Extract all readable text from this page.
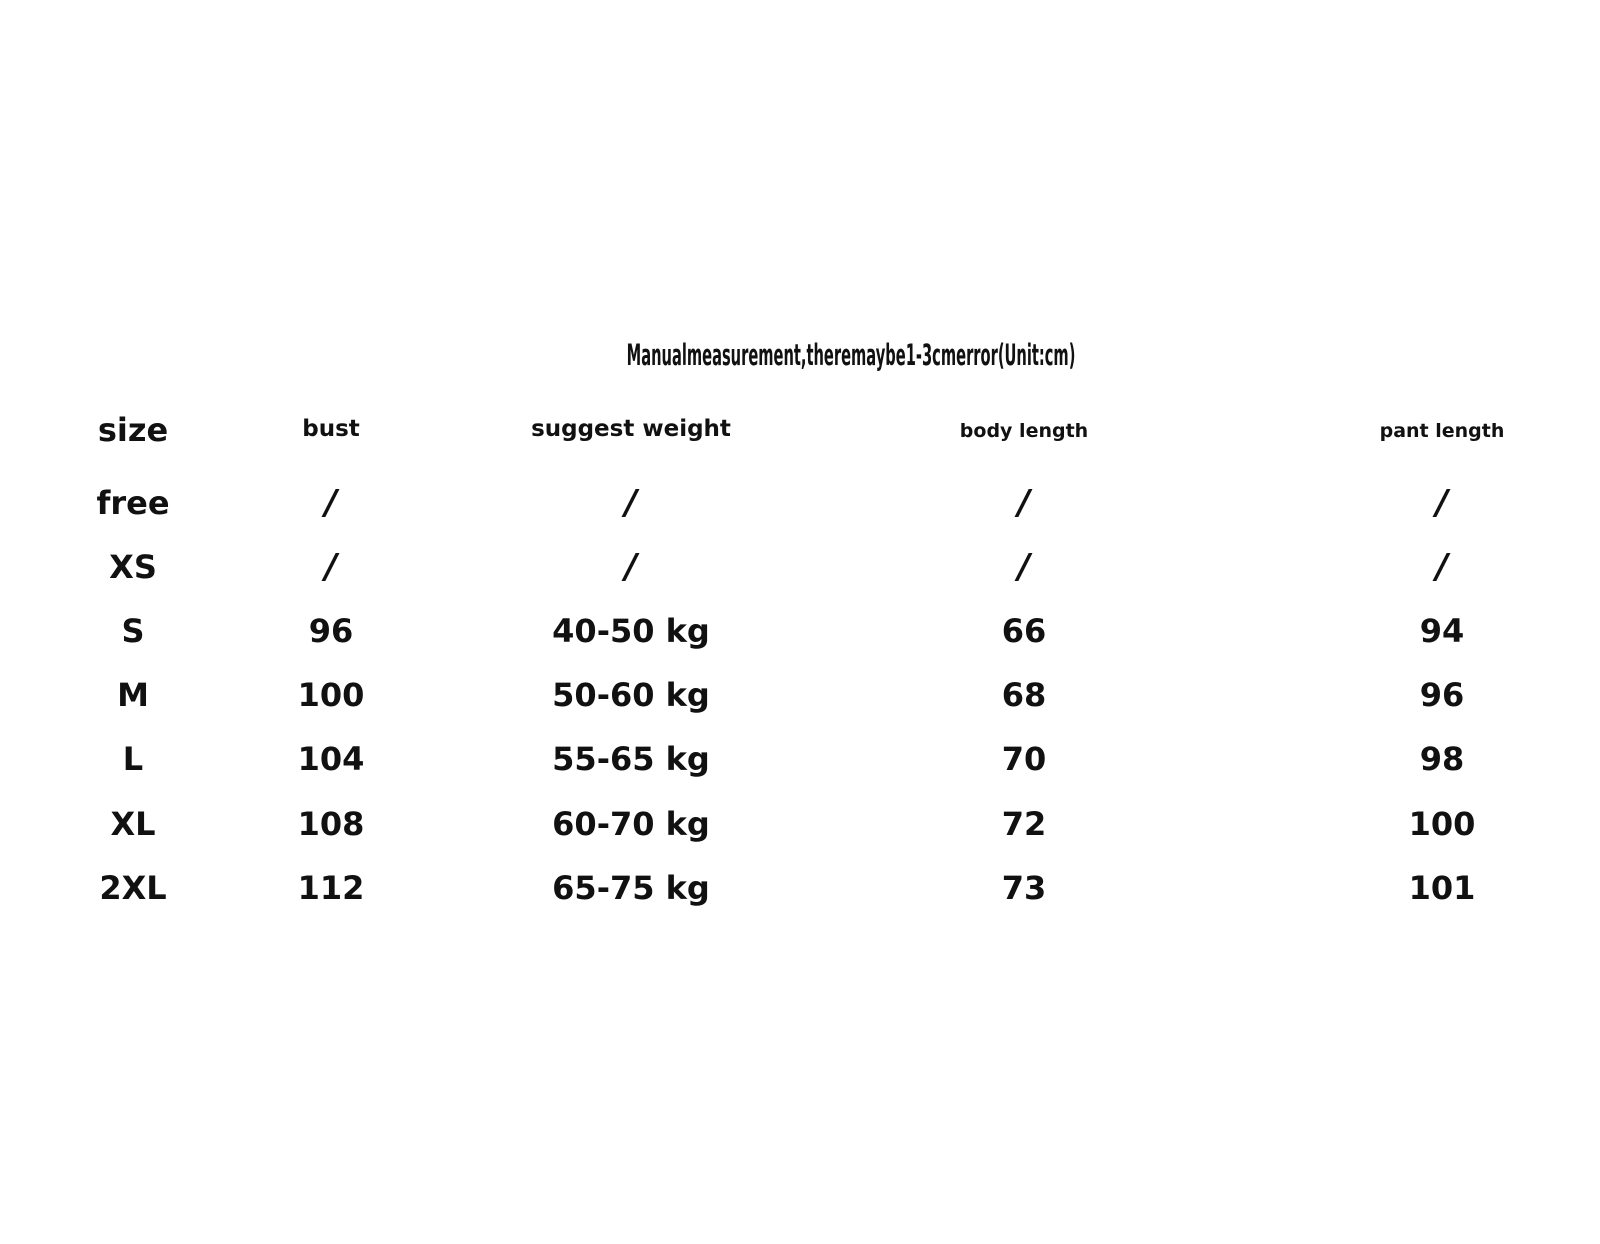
Manualmeasurement,theremaybe1-3cmerror(Unit:cm)
size	bust	suggest weight	body length	pant length
free	/	/	/	/
XS	/	/	/	/
S	96	40-50 kg	66	94
M	100	50-60 kg	68	96
L	104	55-65 kg	70	98
XL	108	60-70 kg	72	100
2XL	112	65-75 kg	73	101
